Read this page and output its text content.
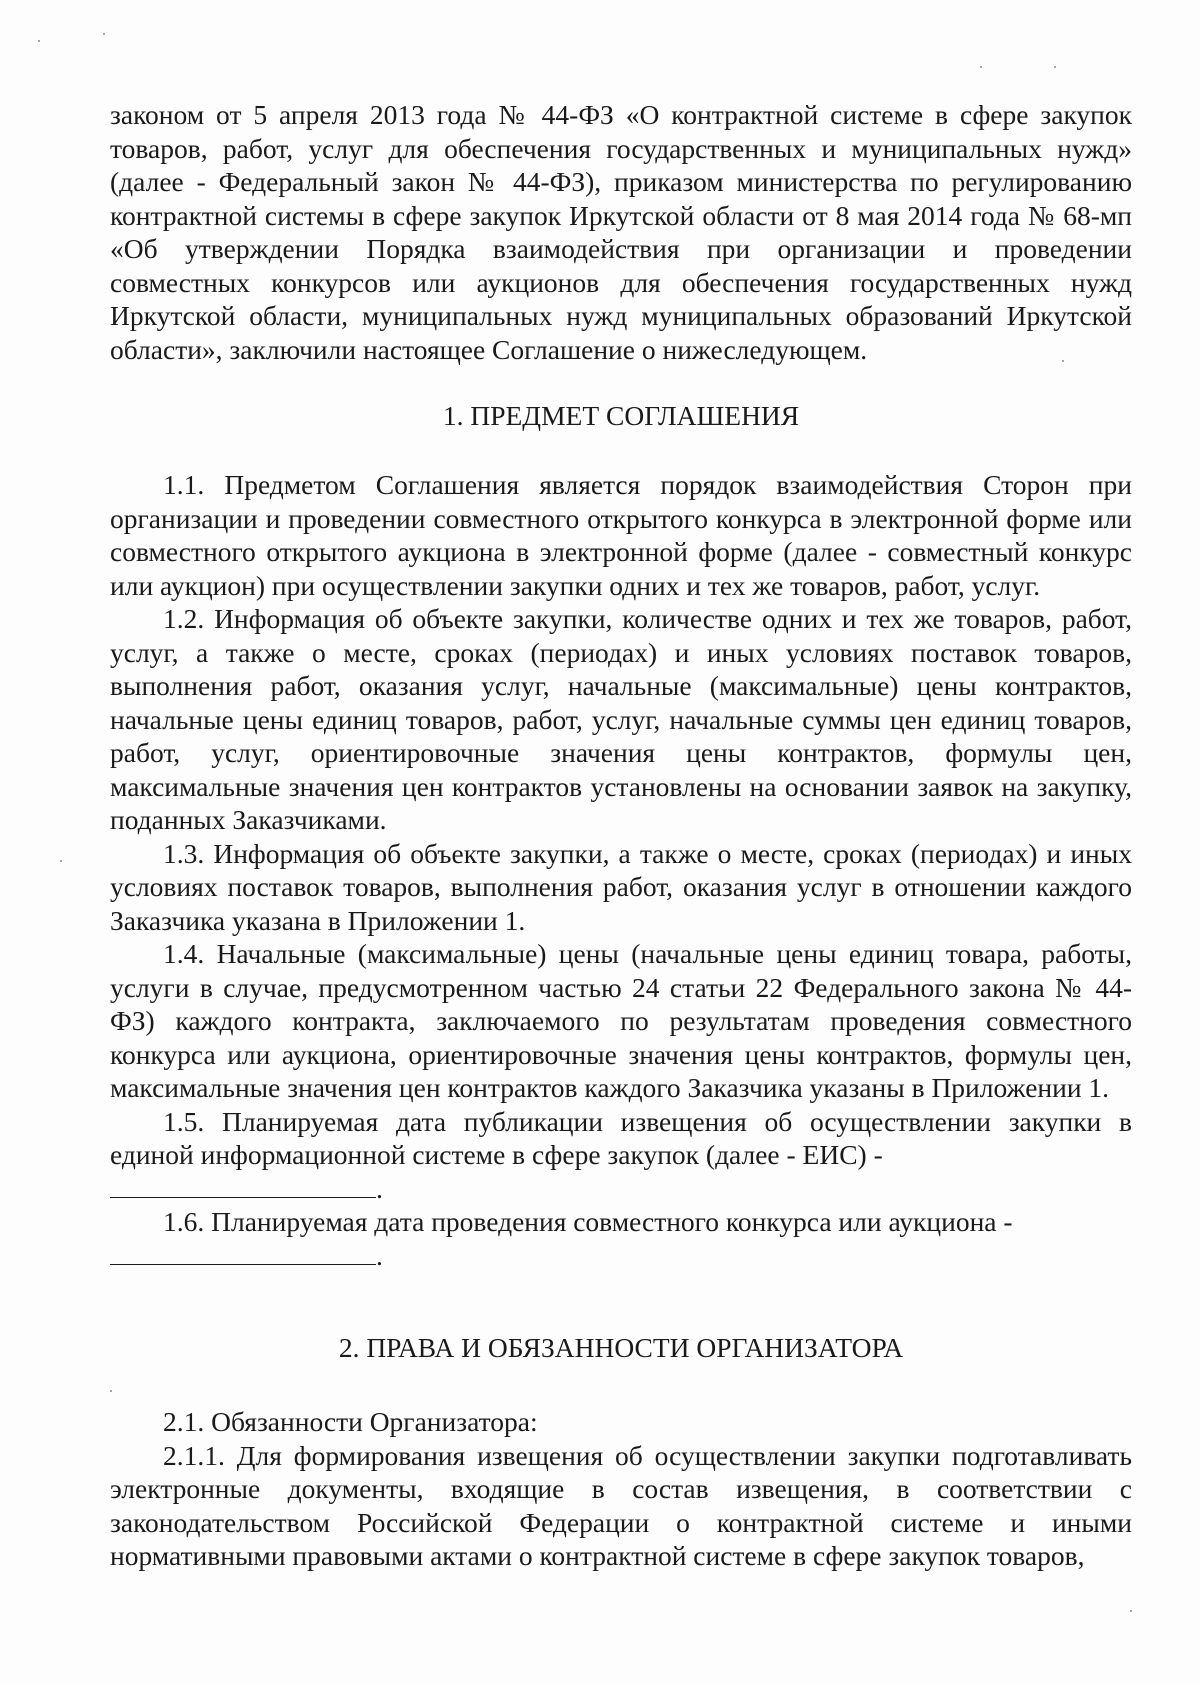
законом от 5 апреля 2013 года № 44-ФЗ «О контрактной системе в сфере закупок товаров, работ, услуг для обеспечения государственных и муниципальных нужд» (далее - Федеральный закон № 44-ФЗ), приказом министерства по регулированию контрактной системы в сфере закупок Иркутской области от 8 мая 2014 года № 68-мп «Об утверждении Порядка взаимодействия при организации и проведении совместных конкурсов или аукционов для обеспечения государственных нужд Иркутской области, муниципальных нужд муниципальных образований Иркутской области», заключили настоящее Соглашение о нижеследующем.

1. ПРЕДМЕТ СОГЛАШЕНИЯ

1.1. Предметом Соглашения является порядок взаимодействия Сторон при организации и проведении совместного открытого конкурса в электронной форме или совместного открытого аукциона в электронной форме (далее - совместный конкурс или аукцион) при осуществлении закупки одних и тех же товаров, работ, услуг.

1.2. Информация об объекте закупки, количестве одних и тех же товаров, работ, услуг, а также о месте, сроках (периодах) и иных условиях поставок товаров, выполнения работ, оказания услуг, начальные (максимальные) цены контрактов, начальные цены единиц товаров, работ, услуг, начальные суммы цен единиц товаров, работ, услуг, ориентировочные значения цены контрактов, формулы цен, максимальные значения цен контрактов установлены на основании заявок на закупку, поданных Заказчиками.

1.3. Информация об объекте закупки, а также о месте, сроках (периодах) и иных условиях поставок товаров, выполнения работ, оказания услуг в отношении каждого Заказчика указана в Приложении 1.

1.4. Начальные (максимальные) цены (начальные цены единиц товара, работы, услуги в случае, предусмотренном частью 24 статьи 22 Федерального закона № 44-ФЗ) каждого контракта, заключаемого по результатам проведения совместного конкурса или аукциона, ориентировочные значения цены контрактов, формулы цен, максимальные значения цен контрактов каждого Заказчика указаны в Приложении 1.

1.5. Планируемая дата публикации извещения об осуществлении закупки в единой информационной системе в сфере закупок (далее - ЕИС) -
.

1.6. Планируемая дата проведения совместного конкурса или аукциона -
.

2. ПРАВА И ОБЯЗАННОСТИ ОРГАНИЗАТОРА

2.1. Обязанности Организатора:

2.1.1. Для формирования извещения об осуществлении закупки подготавливать электронные документы, входящие в состав извещения, в соответствии с законодательством Российской Федерации о контрактной системе и иными нормативными правовыми актами о контрактной системе в сфере закупок товаров,
